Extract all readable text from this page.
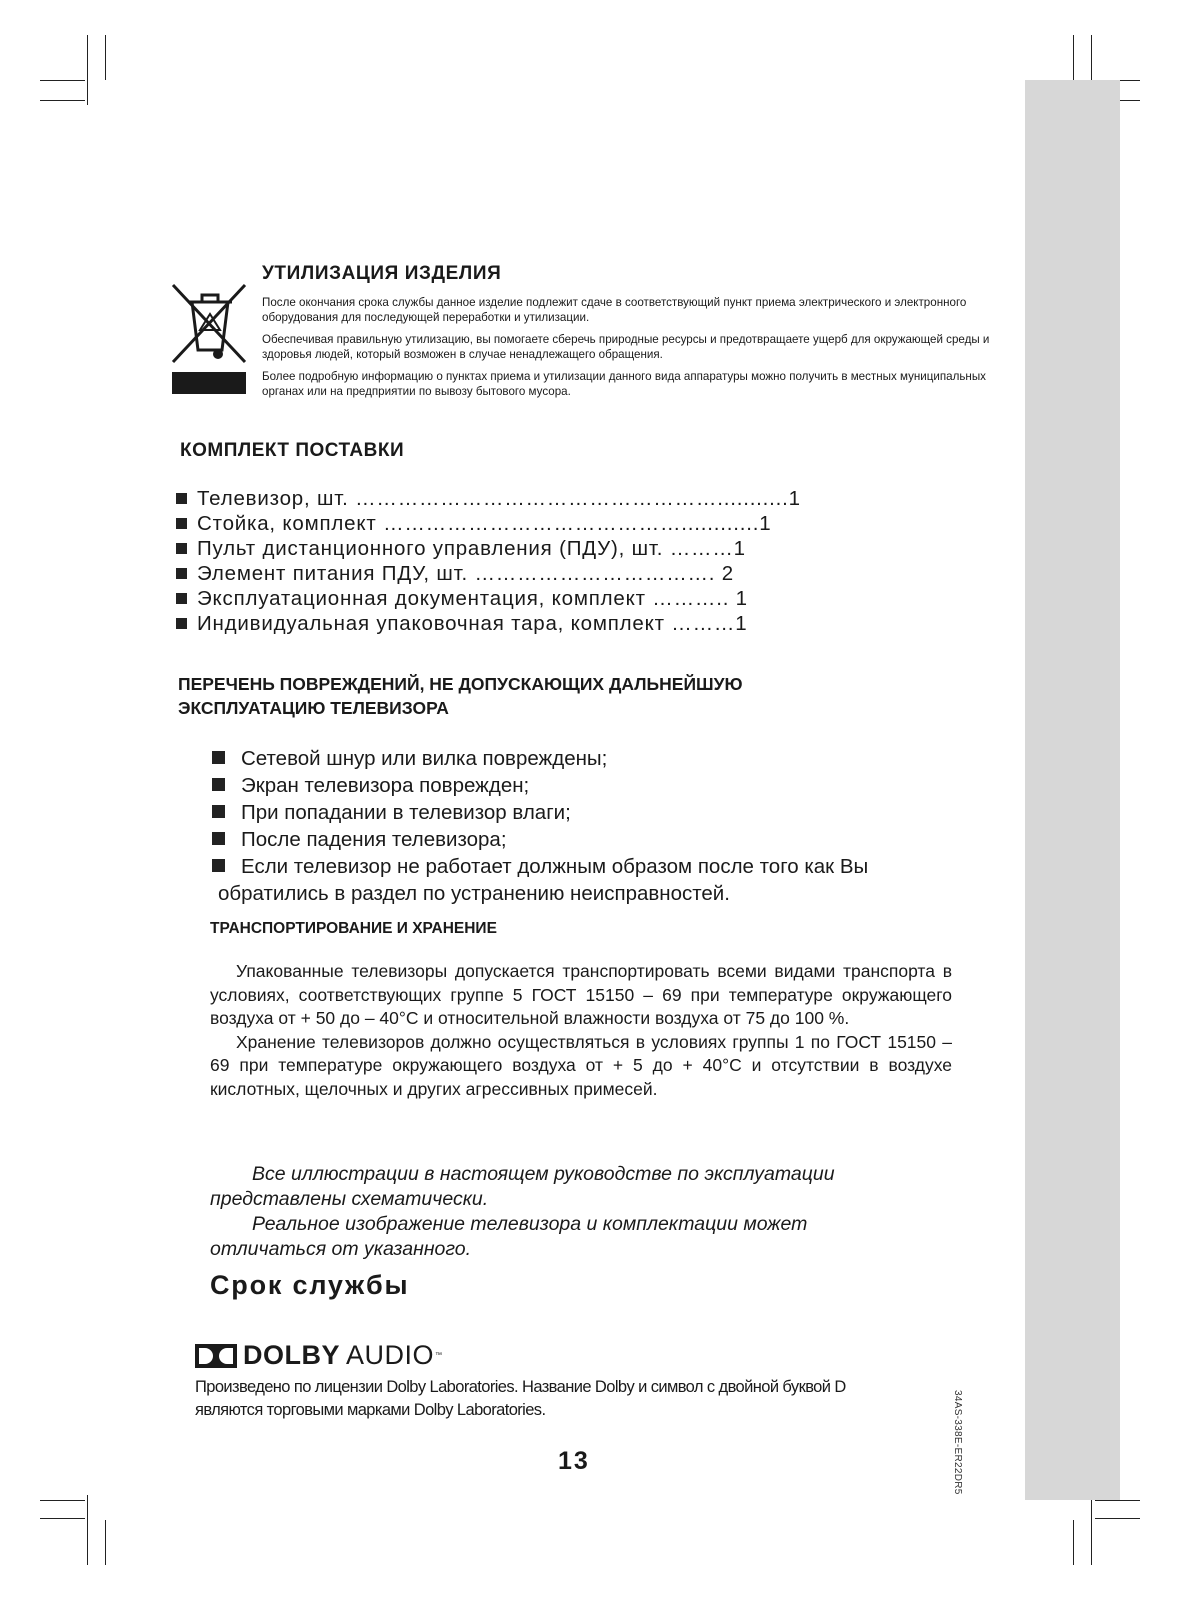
34AS-338E-ER22DR5
УТИЛИЗАЦИЯ ИЗДЕЛИЯ

После окончания срока службы данное изделие подлежит сдаче в соответствующий пункт приема электрического и электронного оборудования для последующей переработки и утилизации.

Обеспечивая правильную утилизацию, вы помогаете сберечь природные ресурсы и предотвращаете ущерб для окружающей среды и здоровья людей, который возможен в случае ненадлежащего обращения.

Более подробную информацию о пунктах приема и утилизации данного вида аппаратуры можно получить в местных муниципальных органах или на предприятии по вывозу бытового мусора.

КОМПЛЕКТ ПОСТАВКИ
Телевизор, шт. ……………………………………………...........1
Стойка, комплект ……………………………………............1
Пульт дистанционного управления (ПДУ), шт. ………1
Элемент питания ПДУ, шт. ……………………………. 2
Эксплуатационная документация, комплект ……….. 1
Индивидуальная упаковочная тара, комплект ………1
ПЕРЕЧЕНЬ ПОВРЕЖДЕНИЙ, НЕ ДОПУСКАЮЩИХ ДАЛЬНЕЙШУЮ
ЭКСПЛУАТАЦИЮ ТЕЛЕВИЗОРА
Сетевой шнур или вилка повреждены;
Экран телевизора поврежден;
При попадании в телевизор влаги;
После падения телевизора;
Если телевизор не работает должным образом после того как Вы
обратились в раздел по устранению неисправностей.
ТРАНСПОРТИРОВАНИЕ И ХРАНЕНИЕ

Упакованные телевизоры допускается транспортировать всеми видами транспорта в условиях, соответствующих группе 5 ГОСТ 15150 – 69 при температуре окружающего воздуха от + 50 до – 40°С и относительной влажности воздуха от 75 до 100 %.

Хранение телевизоров должно осуществляться в условиях группы 1 по ГОСТ 15150 – 69 при температуре окружающего воздуха от + 5 до + 40°С и отсутствии в воздухе кислотных, щелочных и других агрессивных примесей.

Все иллюстрации в настоящем руководстве по эксплуатации

представлены схематически.

Реальное изображение телевизора и комплектации может

отличаться от указанного.

Срок службы
DOLBY AUDIO ™

Произведено по лицензии Dolby Laboratories. Название Dolby и символ с двойной буквой D

являются торговыми марками Dolby Laboratories.

13
